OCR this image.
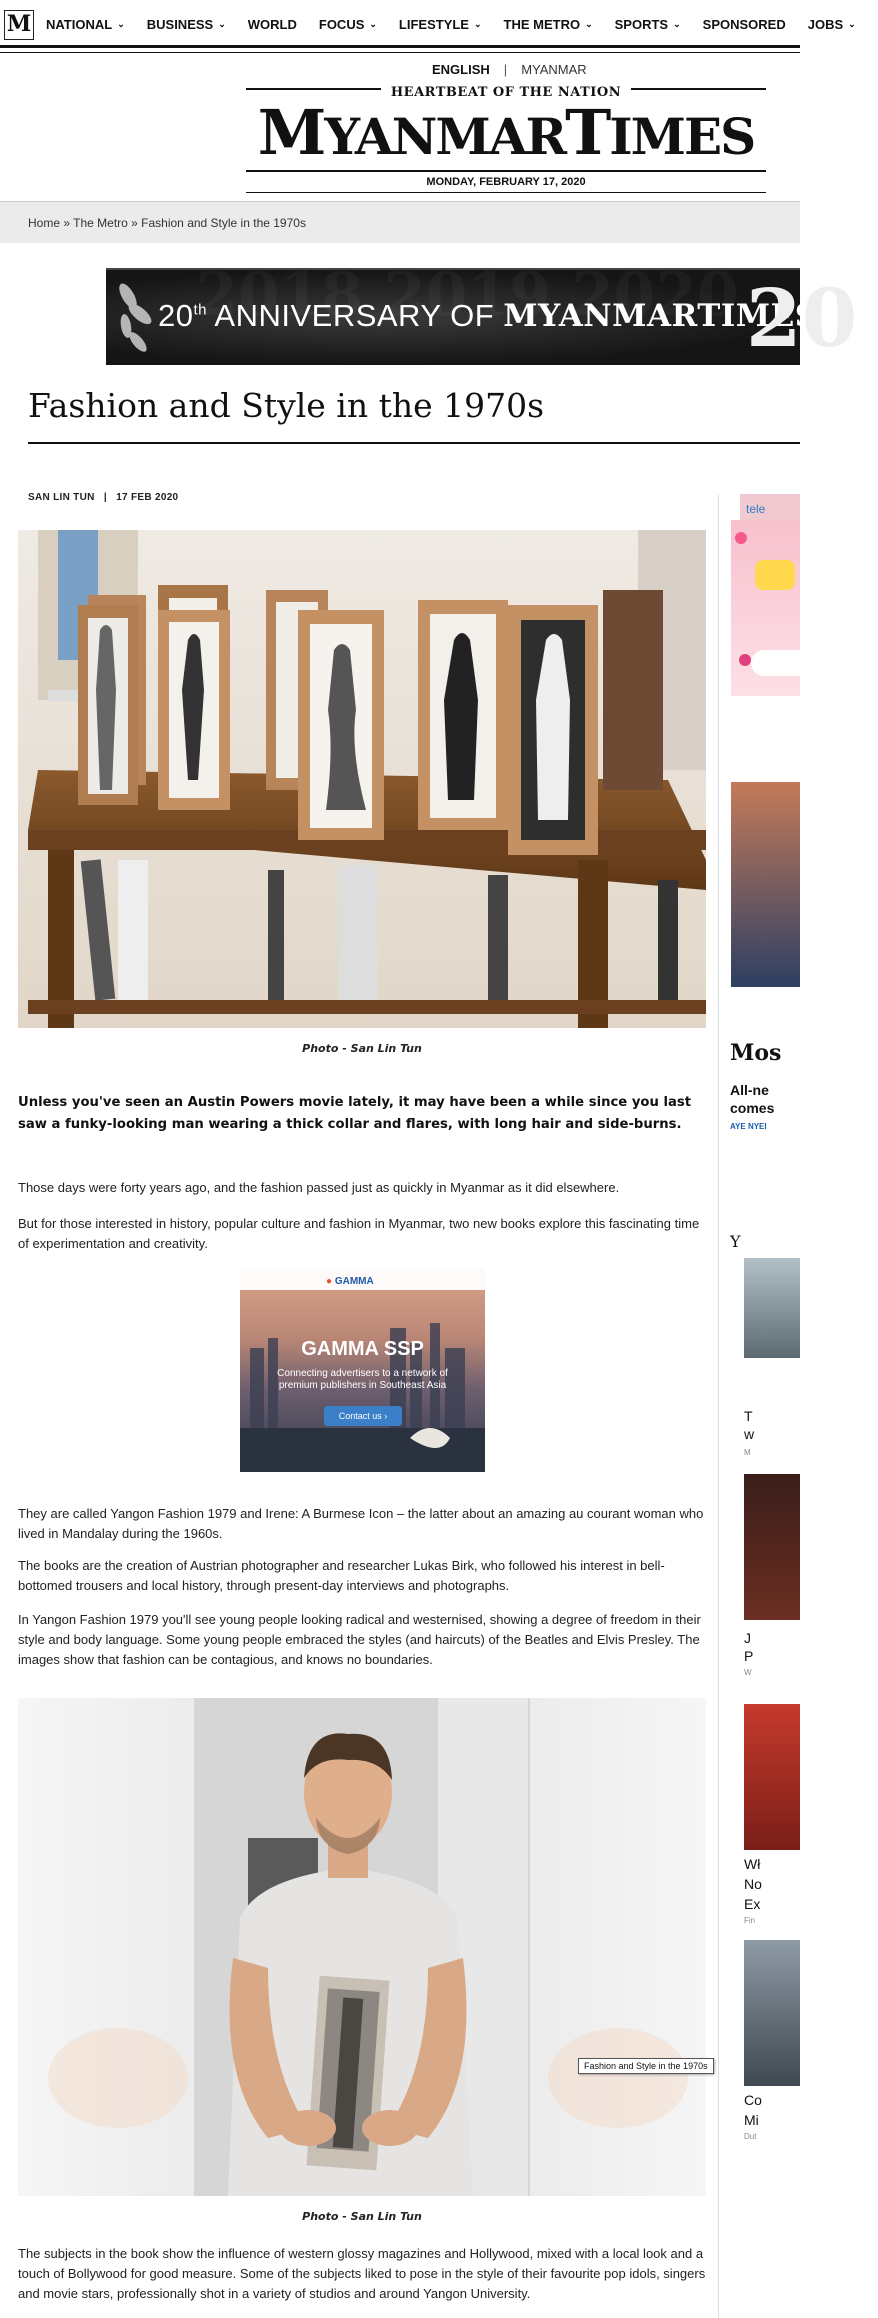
M NATIONAL ⌄ BUSINESS ⌄ WORLD FOCUS ⌄ LIFESTYLE ⌄ THE METRO ⌄ SPORTS ⌄ SPONSORED JOBS ⌄
ENGLISH | MYANMAR
HEARTBEAT OF THE NATION
MYANMARTIMES
MONDAY, FEBRUARY 17, 2020
Home » The Metro » Fashion and Style in the 1970s
20th ANNIVERSARY OF MYANMARTIMES
20
Fashion and Style in the 1970s
SAN LIN TUN   |   17 FEB 2020
Photo - San Lin Tun

Unless you've seen an Austin Powers movie lately, it may have been a while since you last saw a funky-looking man wearing a thick collar and flares, with long hair and side-burns.

Those days were forty years ago, and the fashion passed just as quickly in Myanmar as it did elsewhere.

But for those interested in history, popular culture and fashion in Myanmar, two new books explore this fascinating time of experimentation and creativity.

● GAMMA
GAMMA SSP
Connecting advertisers to a network of premium publishers in Southeast Asia
Contact us ›

They are called Yangon Fashion 1979 and Irene: A Burmese Icon – the latter about an amazing au courant woman who lived in Mandalay during the 1960s.

The books are the creation of Austrian photographer and researcher Lukas Birk, who followed his interest in bell-bottomed trousers and local history, through present-day interviews and photographs.

In Yangon Fashion 1979 you'll see young people looking radical and westernised, showing a degree of freedom in their style and body language. Some young people embraced the styles (and haircuts) of the Beatles and Elvis Presley. The images show that fashion can be contagious, and knows no boundaries.

Fashion and Style in the 1970s
Photo - San Lin Tun

The subjects in the book show the influence of western glossy magazines and Hollywood, mixed with a local look and a touch of Bollywood for good measure. Some of the subjects liked to pose in the style of their favourite pop idols, singers and movie stars, professionally shot in a variety of studios and around Yangon University.

tele
Mos
All-ne
comes
AYE NYEI
Y
T
w
M
J
P
W
Wł
No
Ex
Fin
Co
Mi
Dut
